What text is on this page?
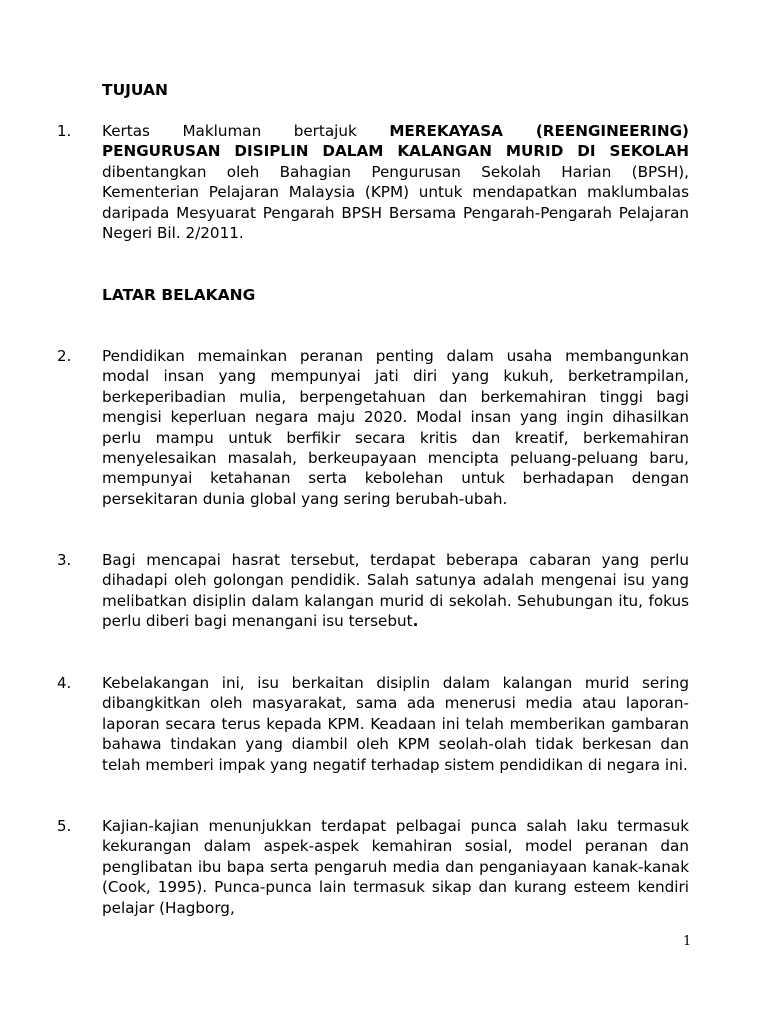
TUJUAN
1. Kertas Makluman bertajuk MEREKAYASA (REENGINEERING) PENGURUSAN DISIPLIN DALAM KALANGAN MURID DI SEKOLAH dibentangkan oleh Bahagian Pengurusan Sekolah Harian (BPSH), Kementerian Pelajaran Malaysia (KPM) untuk mendapatkan maklumbalas daripada Mesyuarat Pengarah BPSH Bersama Pengarah-Pengarah Pelajaran Negeri Bil. 2/2011.

LATAR BELAKANG
2. Pendidikan memainkan peranan penting dalam usaha membangunkan modal insan yang mempunyai jati diri yang kukuh, berketrampilan, berkeperibadian mulia, berpengetahuan dan berkemahiran tinggi bagi mengisi keperluan negara maju 2020. Modal insan yang ingin dihasilkan perlu mampu untuk berfikir secara kritis dan kreatif, berkemahiran menyelesaikan masalah, berkeupayaan mencipta peluang-peluang baru, mempunyai ketahanan serta kebolehan untuk berhadapan dengan persekitaran dunia global yang sering berubah-ubah.

3. Bagi mencapai hasrat tersebut, terdapat beberapa cabaran yang perlu dihadapi oleh golongan pendidik. Salah satunya adalah mengenai isu yang melibatkan disiplin dalam kalangan murid di sekolah. Sehubungan itu, fokus perlu diberi bagi menangani isu tersebut.

4. Kebelakangan ini, isu berkaitan disiplin dalam kalangan murid sering dibangkitkan oleh masyarakat, sama ada menerusi media atau laporan-laporan secara terus kepada KPM. Keadaan ini telah memberikan gambaran bahawa tindakan yang diambil oleh KPM seolah-olah tidak berkesan dan telah memberi impak yang negatif terhadap sistem pendidikan di negara ini.

5. Kajian-kajian menunjukkan terdapat pelbagai punca salah laku termasuk kekurangan dalam aspek-aspek kemahiran sosial, model peranan dan penglibatan ibu bapa serta pengaruh media dan penganiayaan kanak-kanak (Cook, 1995). Punca-punca lain termasuk sikap dan kurang esteem kendiri pelajar (Hagborg,

1
